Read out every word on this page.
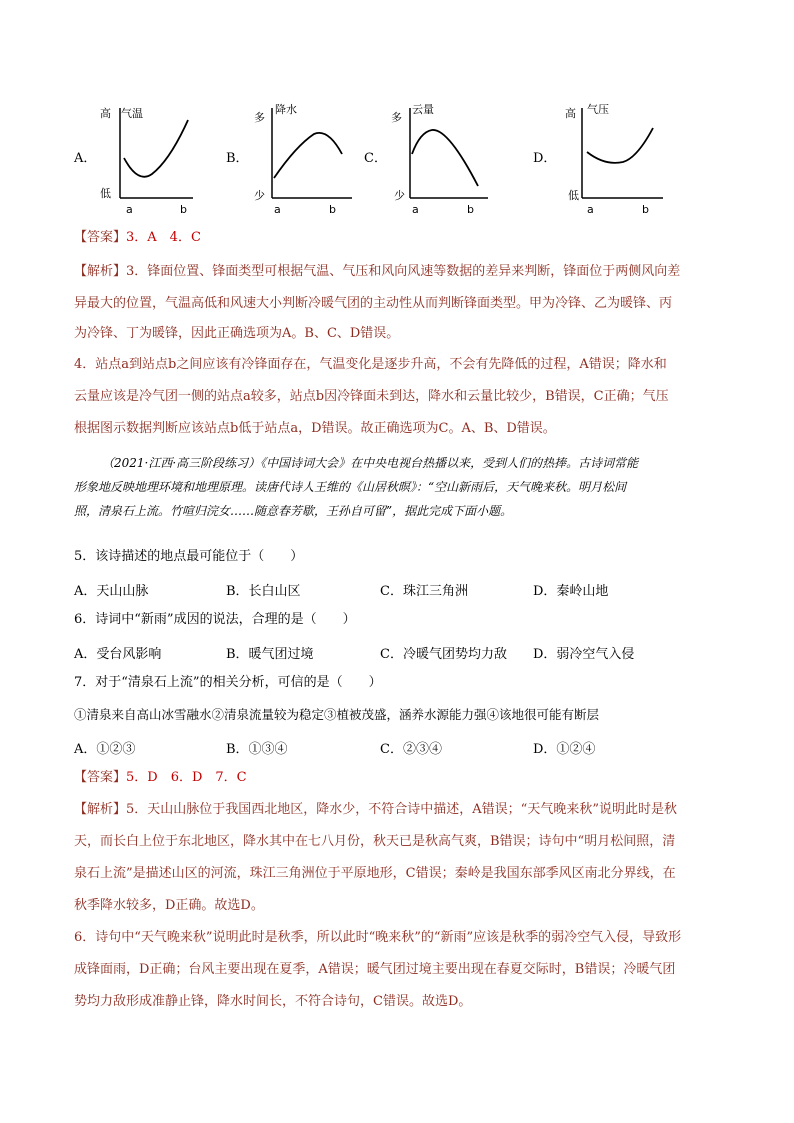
A．
高 气温
低
a	b
B．
多
降水
少
a	b
C．
多
云量
少
a	b
D．
高 气压
低
a	b
【答案】3．A　4．C
【解析】3．锋面位置、锋面类型可根据气温、气压和风向风速等数据的差异来判断，锋面位于两侧风向差
异最大的位置，气温高低和风速大小判断冷暖气团的主动性从而判断锋面类型。甲为冷锋、乙为暖锋、丙
为冷锋、丁为暖锋，因此正确选项为A。B、C、D错误。
4．站点a到站点b之间应该有冷锋面存在，气温变化是逐步升高，不会有先降低的过程，A错误；降水和
云量应该是冷气团一侧的站点a较多，站点b因冷锋面未到达，降水和云量比较少，B错误，C正确；气压
根据图示数据判断应该站点b低于站点a，D错误。故正确选项为C。A、B、D错误。
（2021·江西·高三阶段练习）《中国诗词大会》在中央电视台热播以来，受到人们的热捧。古诗词常能
形象地反映地理环境和地理原理。读唐代诗人王维的《山居秋暝》：“空山新雨后，天气晚来秋。明月松间
照，清泉石上流。竹喧归浣女……随意春芳歇，王孙自可留”，据此完成下面小题。
5．该诗描述的地点最可能位于（　　）
A．天山山脉	B．长白山区	C．珠江三角洲	D．秦岭山地
6．诗词中“新雨”成因的说法，合理的是（　　）
A．受台风影响	B．暖气团过境	C．冷暖气团势均力敌 D．弱冷空气入侵
7．对于“清泉石上流”的相关分析，可信的是（　　）
①清泉来自高山冰雪融水②清泉流量较为稳定③植被茂盛，涵养水源能力强④该地很可能有断层
A．①②③	B．①③④	C．②③④	D．①②④
【答案】5．D　6．D　7．C
【解析】5．天山山脉位于我国西北地区，降水少，不符合诗中描述，A错误；“天气晚来秋”说明此时是秋
天，而长白上位于东北地区，降水其中在七八月份，秋天已是秋高气爽，B错误；诗句中“明月松间照，清
泉石上流”是描述山区的河流，珠江三角洲位于平原地形，C错误；秦岭是我国东部季风区南北分界线，在
秋季降水较多，D正确。故选D。
6．诗句中“天气晚来秋”说明此时是秋季，所以此时“晚来秋”的“新雨”应该是秋季的弱冷空气入侵，导致形
成锋面雨，D正确；台风主要出现在夏季，A错误；暖气团过境主要出现在春夏交际时，B错误；冷暖气团
势均力敌形成准静止锋，降水时间长，不符合诗句，C错误。故选D。
